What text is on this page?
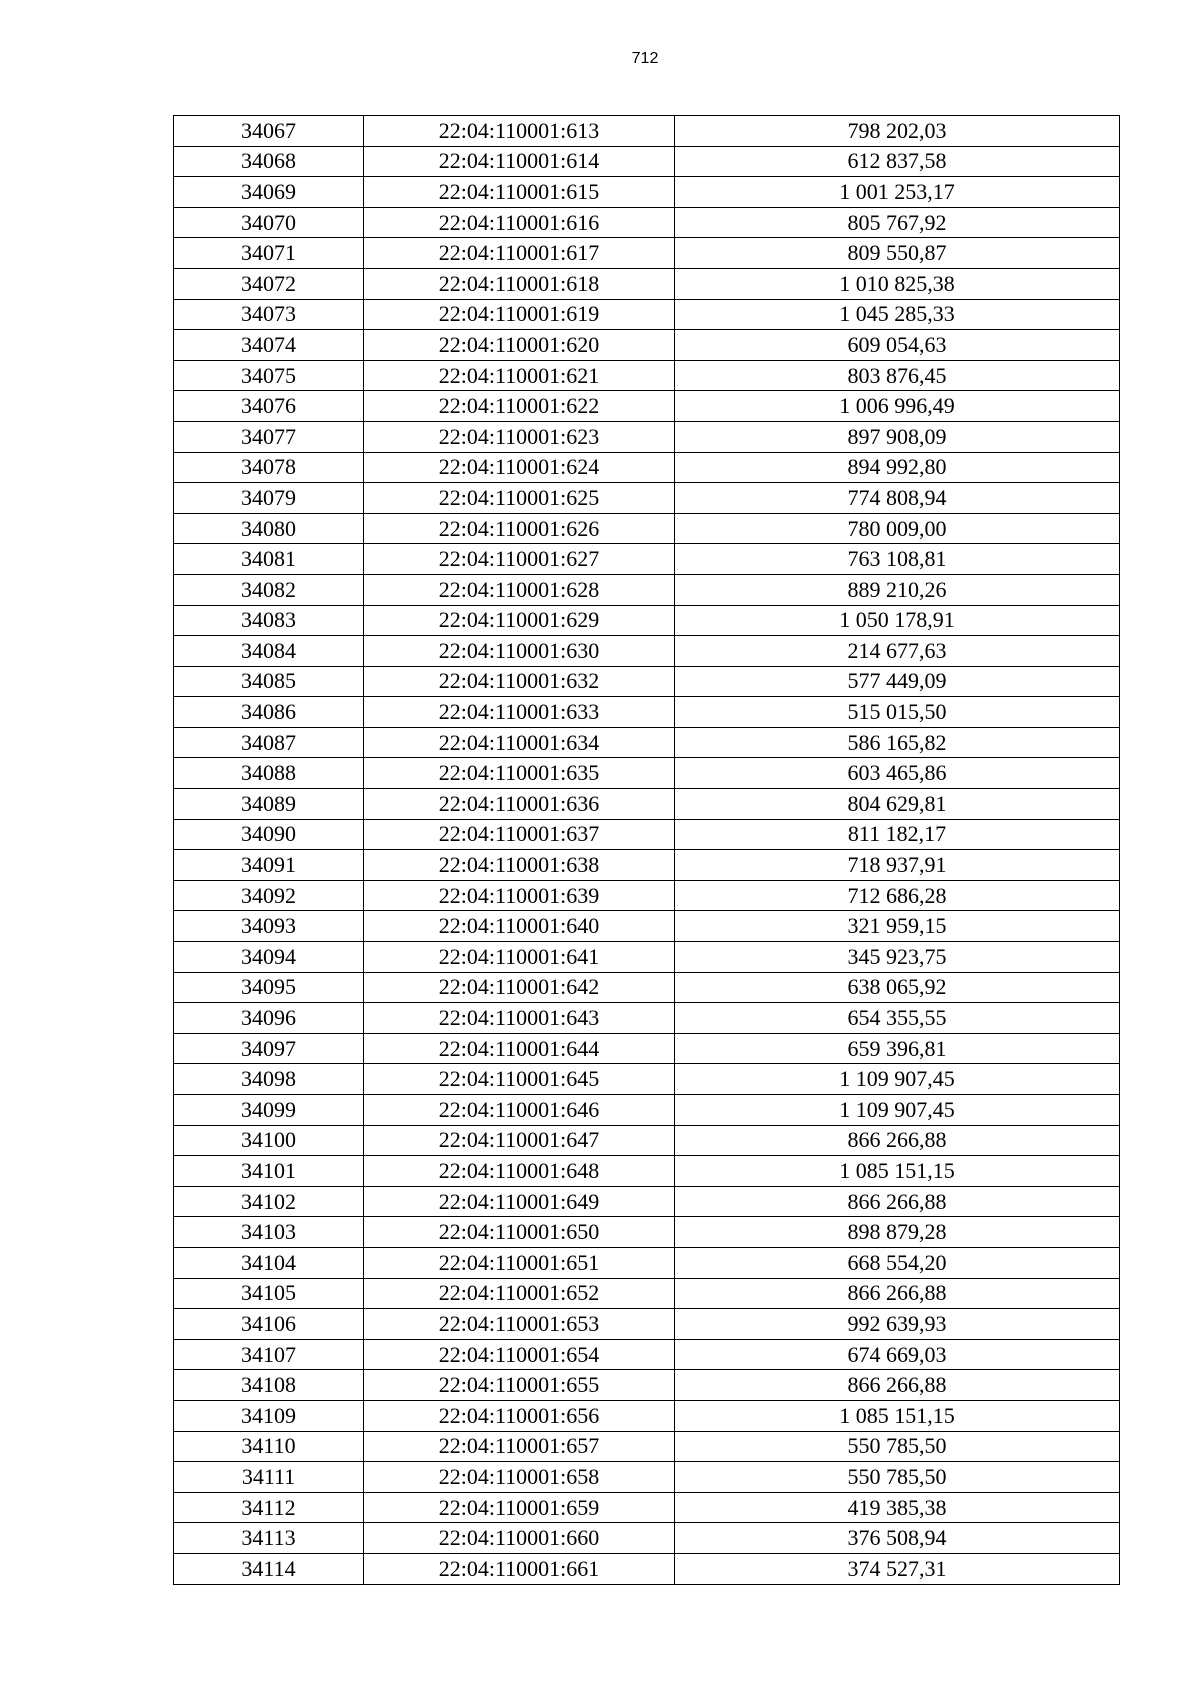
712
34067	22:04:110001:613	798 202,03
34068	22:04:110001:614	612 837,58
34069	22:04:110001:615	1 001 253,17
34070	22:04:110001:616	805 767,92
34071	22:04:110001:617	809 550,87
34072	22:04:110001:618	1 010 825,38
34073	22:04:110001:619	1 045 285,33
34074	22:04:110001:620	609 054,63
34075	22:04:110001:621	803 876,45
34076	22:04:110001:622	1 006 996,49
34077	22:04:110001:623	897 908,09
34078	22:04:110001:624	894 992,80
34079	22:04:110001:625	774 808,94
34080	22:04:110001:626	780 009,00
34081	22:04:110001:627	763 108,81
34082	22:04:110001:628	889 210,26
34083	22:04:110001:629	1 050 178,91
34084	22:04:110001:630	214 677,63
34085	22:04:110001:632	577 449,09
34086	22:04:110001:633	515 015,50
34087	22:04:110001:634	586 165,82
34088	22:04:110001:635	603 465,86
34089	22:04:110001:636	804 629,81
34090	22:04:110001:637	811 182,17
34091	22:04:110001:638	718 937,91
34092	22:04:110001:639	712 686,28
34093	22:04:110001:640	321 959,15
34094	22:04:110001:641	345 923,75
34095	22:04:110001:642	638 065,92
34096	22:04:110001:643	654 355,55
34097	22:04:110001:644	659 396,81
34098	22:04:110001:645	1 109 907,45
34099	22:04:110001:646	1 109 907,45
34100	22:04:110001:647	866 266,88
34101	22:04:110001:648	1 085 151,15
34102	22:04:110001:649	866 266,88
34103	22:04:110001:650	898 879,28
34104	22:04:110001:651	668 554,20
34105	22:04:110001:652	866 266,88
34106	22:04:110001:653	992 639,93
34107	22:04:110001:654	674 669,03
34108	22:04:110001:655	866 266,88
34109	22:04:110001:656	1 085 151,15
34110	22:04:110001:657	550 785,50
34111	22:04:110001:658	550 785,50
34112	22:04:110001:659	419 385,38
34113	22:04:110001:660	376 508,94
34114	22:04:110001:661	374 527,31
